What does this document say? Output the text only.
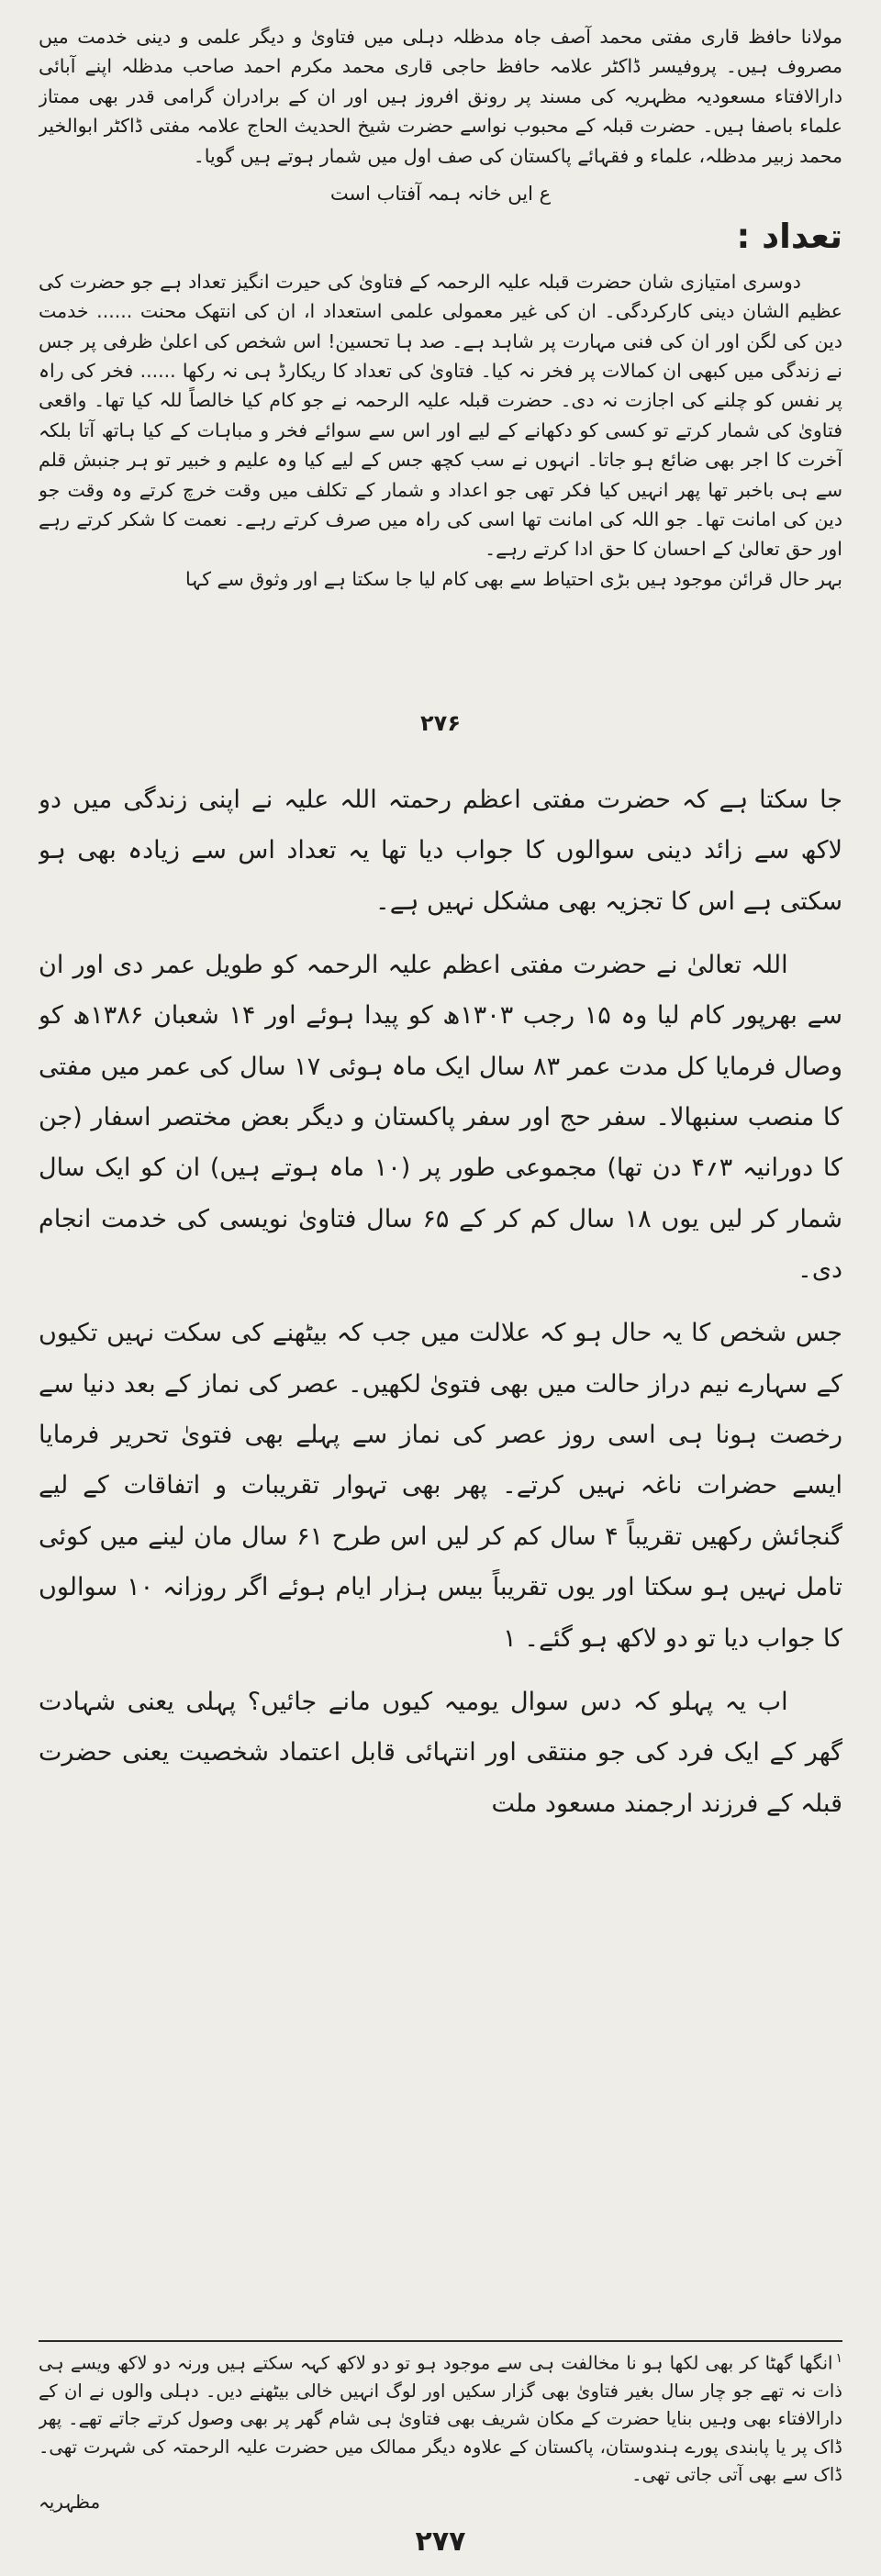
مولانا حافظ قاری مفتی محمد آصف جاہ مدظلہ دہلی میں فتاویٰ و دیگر علمی و دینی خدمت میں مصروف ہیں۔ پروفیسر ڈاکٹر علامہ حافظ حاجی قاری محمد مکرم احمد صاحب مدظلہ اپنے آبائی دارالافتاء مسعودیہ مظہریہ کی مسند پر رونق افروز ہیں اور ان کے برادران گرامی قدر بھی ممتاز علماء باصفا ہیں۔ حضرت قبلہ کے محبوب نواسے حضرت شیخ الحدیث الحاج علامہ مفتی ڈاکٹر ابوالخیر محمد زبیر مدظلہ، علماء و فقہائے پاکستان کی صف اول میں شمار ہوتے ہیں گویا۔

ع ایں خانہ ہمہ آفتاب است

تعداد :

دوسری امتیازی شان حضرت قبلہ علیہ الرحمہ کے فتاویٰ کی حیرت انگیز تعداد ہے جو حضرت کی عظیم الشان دینی کارکردگی۔ ان کی غیر معمولی علمی استعداد ا، ان کی انتھک محنت ...... خدمت دین کی لگن اور ان کی فنی مہارت پر شاہد ہے۔ صد ہا تحسین! اس شخص کی اعلیٰ ظرفی پر جس نے زندگی میں کبھی ان کمالات پر فخر نہ کیا۔ فتاویٰ کی تعداد کا ریکارڈ ہی نہ رکھا ...... فخر کی راہ پر نفس کو چلنے کی اجازت نہ دی۔ حضرت قبلہ علیہ الرحمہ نے جو کام کیا خالصاً للہ کیا تھا۔ واقعی فتاویٰ کی شمار کرتے تو کسی کو دکھانے کے لیے اور اس سے سوائے فخر و مباہات کے کیا ہاتھ آتا بلکہ آخرت کا اجر بھی ضائع ہو جاتا۔ انہوں نے سب کچھ جس کے لیے کیا وہ علیم و خبیر تو ہر جنبش قلم سے ہی باخبر تھا پھر انہیں کیا فکر تھی جو اعداد و شمار کے تکلف میں وقت خرچ کرتے وہ وقت جو دین کی امانت تھا۔ جو اللہ کی امانت تھا اسی کی راہ میں صرف کرتے رہے۔ نعمت کا شکر کرتے رہے اور حق تعالیٰ کے احسان کا حق ادا کرتے رہے۔

بہر حال قرائن موجود ہیں بڑی احتیاط سے بھی کام لیا جا سکتا ہے اور وثوق سے کہا

۲۷۶

جا سکتا ہے کہ حضرت مفتی اعظم رحمتہ اللہ علیہ نے اپنی زندگی میں دو لاکھ سے زائد دینی سوالوں کا جواب دیا تھا یہ تعداد اس سے زیادہ بھی ہو سکتی ہے اس کا تجزیہ بھی مشکل نہیں ہے۔

اللہ تعالیٰ نے حضرت مفتی اعظم علیہ الرحمہ کو طویل عمر دی اور ان سے بھرپور کام لیا وہ ۱۵ رجب ۱۳۰۳ھ کو پیدا ہوئے اور ۱۴ شعبان ۱۳۸۶ھ کو وصال فرمایا کل مدت عمر ۸۳ سال ایک ماہ ہوئی ۱۷ سال کی عمر میں مفتی کا منصب سنبھالا۔ سفر حج اور سفر پاکستان و دیگر بعض مختصر اسفار (جن کا دورانیہ ۳؍۴ دن تھا) مجموعی طور پر (۱۰ ماہ ہوتے ہیں) ان کو ایک سال شمار کر لیں یوں ۱۸ سال کم کر کے ۶۵ سال فتاویٰ نویسی کی خدمت انجام دی۔

جس شخص کا یہ حال ہو کہ علالت میں جب کہ بیٹھنے کی سکت نہیں تکیوں کے سہارے نیم دراز حالت میں بھی فتویٰ لکھیں۔ عصر کی نماز کے بعد دنیا سے رخصت ہونا ہی اسی روز عصر کی نماز سے پہلے بھی فتویٰ تحریر فرمایا ایسے حضرات ناغہ نہیں کرتے۔ پھر بھی تہوار تقریبات و اتفاقات کے لیے گنجائش رکھیں تقریباً ۴ سال کم کر لیں اس طرح ۶۱ سال مان لینے میں کوئی تامل نہیں ہو سکتا اور یوں تقریباً بیس ہزار ایام ہوئے اگر روزانہ ۱۰ سوالوں کا جواب دیا تو دو لاکھ ہو گئے۔ ۱

اب یہ پہلو کہ دس سوال یومیہ کیوں مانے جائیں؟ پہلی یعنی شہادت گھر کے ایک فرد کی جو منتقی اور انتہائی قابل اعتماد شخصیت یعنی حضرت قبلہ کے فرزند ارجمند مسعود ملت

$^۱$انگھا گھٹا کر بھی لکھا ہو نا مخالفت ہی سے موجود ہو تو دو لاکھ کہہ سکتے ہیں ورنہ دو لاکھ ویسے ہی ذات نہ تھے جو چار سال بغیر فتاویٰ بھی گزار سکیں اور لوگ انہیں خالی بیٹھنے دیں۔ دہلی والوں نے ان کے دارالافتاء بھی وہیں بنایا حضرت کے مکان شریف بھی فتاویٰ ہی شام گھر پر بھی وصول کرتے جاتے تھے۔ پھر ڈاک پر یا پابندی پورے ہندوستان، پاکستان کے علاوہ دیگر ممالک میں حضرت علیہ الرحمتہ کی شہرت تھی۔ ڈاک سے بھی آتی جاتی تھی۔

مظہریہ
۲۷۷
